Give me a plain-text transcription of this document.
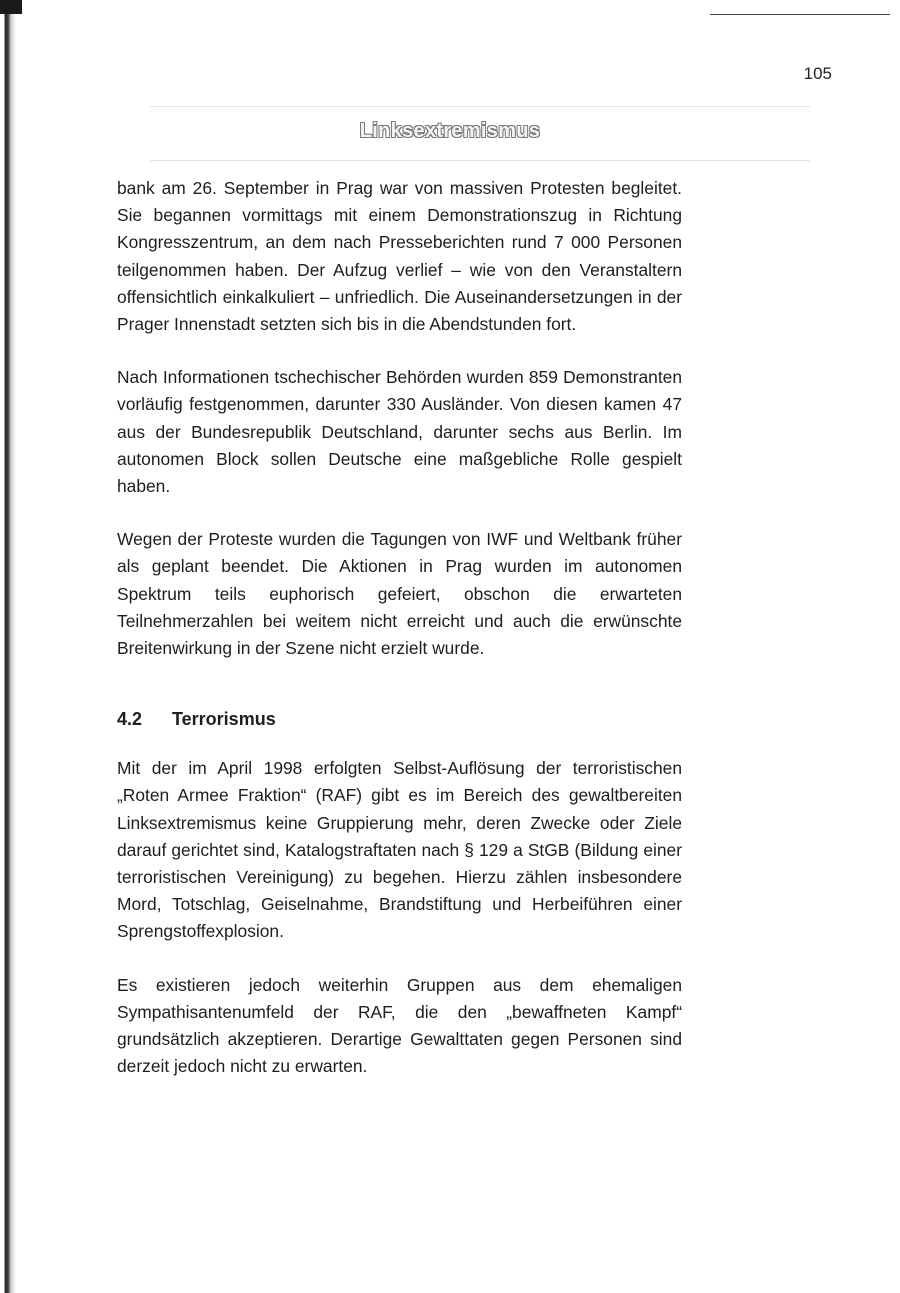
105
Linksextremismus

bank am 26. September in Prag war von massiven Protesten begleitet. Sie begannen vormittags mit einem Demonstrationszug in Richtung Kongresszentrum, an dem nach Presseberichten rund 7 000 Personen teilgenommen haben. Der Aufzug verlief – wie von den Veranstaltern offensichtlich einkalkuliert – unfriedlich. Die Auseinandersetzungen in der Prager Innenstadt setzten sich bis in die Abendstunden fort.

Nach Informationen tschechischer Behörden wurden 859 Demonstranten vorläufig festgenommen, darunter 330 Ausländer. Von diesen kamen 47 aus der Bundesrepublik Deutschland, darunter sechs aus Berlin. Im autonomen Block sollen Deutsche eine maßgebliche Rolle gespielt haben.

Wegen der Proteste wurden die Tagungen von IWF und Weltbank früher als geplant beendet. Die Aktionen in Prag wurden im autonomen Spektrum teils euphorisch gefeiert, obschon die erwarteten Teilnehmerzahlen bei weitem nicht erreicht und auch die erwünschte Breitenwirkung in der Szene nicht erzielt wurde.

4.2 Terrorismus

Mit der im April 1998 erfolgten Selbst-Auflösung der terroristischen „Roten Armee Fraktion“ (RAF) gibt es im Bereich des gewaltbereiten Linksextremismus keine Gruppierung mehr, deren Zwecke oder Ziele darauf gerichtet sind, Katalogstraftaten nach § 129 a StGB (Bildung einer terroristischen Vereinigung) zu begehen. Hierzu zählen insbesondere Mord, Totschlag, Geiselnahme, Brandstiftung und Herbeiführen einer Sprengstoffexplosion.

Es existieren jedoch weiterhin Gruppen aus dem ehemaligen Sympathisantenumfeld der RAF, die den „bewaffneten Kampf“ grundsätzlich akzeptieren. Derartige Gewalttaten gegen Personen sind derzeit jedoch nicht zu erwarten.
